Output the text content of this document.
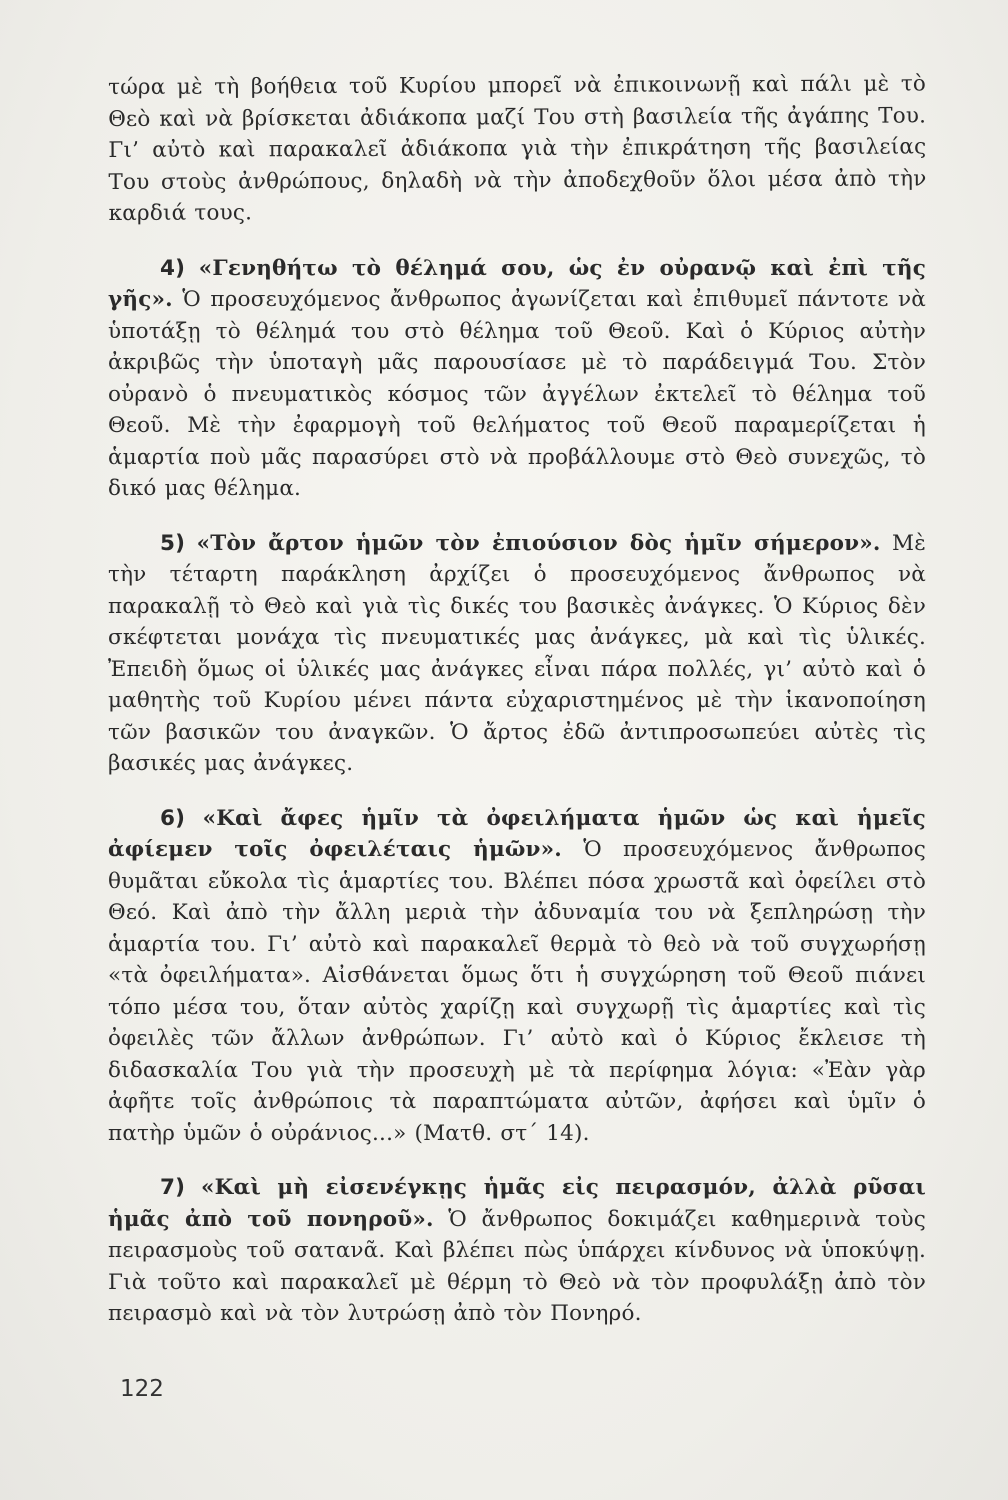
τώρα μὲ τὴ βοήθεια τοῦ Κυρίου μπορεῖ νὰ ἐπικοινωνῇ καὶ πάλι μὲ τὸ Θεὸ καὶ νὰ βρίσκεται ἀδιάκοπα μαζί Του στὴ βασιλεία τῆς ἀγάπης Του. Γι’ αὐτὸ καὶ παρακαλεῖ ἀδιάκοπα γιὰ τὴν ἐπικράτηση τῆς βασιλείας Του στοὺς ἀνθρώπους, δηλαδὴ νὰ τὴν ἀποδεχθοῦν ὅλοι μέσα ἀπὸ τὴν καρδιά τους.

4) «Γενηθήτω τὸ θέλημά σου, ὡς ἐν οὐρανῷ καὶ ἐπὶ τῆς γῆς». Ὁ προσευχόμενος ἄνθρωπος ἀγωνίζεται καὶ ἐπιθυμεῖ πάντοτε νὰ ὑποτάξῃ τὸ θέλημά του στὸ θέλημα τοῦ Θεοῦ. Καὶ ὁ Κύριος αὐτὴν ἀκριβῶς τὴν ὑποταγὴ μᾶς παρουσίασε μὲ τὸ παράδειγμά Του. Στὸν οὐρανὸ ὁ πνευματικὸς κόσμος τῶν ἀγγέλων ἐκτελεῖ τὸ θέλημα τοῦ Θεοῦ. Μὲ τὴν ἐφαρμογὴ τοῦ θελήματος τοῦ Θεοῦ παραμερίζεται ἡ ἁμαρτία ποὺ μᾶς παρασύρει στὸ νὰ προβάλλουμε στὸ Θεὸ συνεχῶς, τὸ δικό μας θέλημα.

5) «Τὸν ἄρτον ἡμῶν τὸν ἐπιούσιον δὸς ἡμῖν σήμερον». Μὲ τὴν τέταρτη παράκληση ἀρχίζει ὁ προσευχόμενος ἄνθρωπος νὰ παρακαλῇ τὸ Θεὸ καὶ γιὰ τὶς δικές του βασικὲς ἀνάγκες. Ὁ Κύριος δὲν σκέφτεται μονάχα τὶς πνευματικές μας ἀνάγκες, μὰ καὶ τὶς ὑλικές. Ἐπειδὴ ὅμως οἱ ὑλικές μας ἀνάγκες εἶναι πάρα πολλές, γι’ αὐτὸ καὶ ὁ μαθητὴς τοῦ Κυρίου μένει πάντα εὐχαριστημένος μὲ τὴν ἱκανοποίηση τῶν βασικῶν του ἀναγκῶν. Ὁ ἄρτος ἐδῶ ἀντιπροσωπεύει αὐτὲς τὶς βασικές μας ἀνάγκες.

6) «Καὶ ἄφες ἡμῖν τὰ ὀφειλήματα ἡμῶν ὡς καὶ ἡμεῖς ἀφίεμεν τοῖς ὀφειλέταις ἡμῶν». Ὁ προσευχόμενος ἄνθρωπος θυμᾶται εὔκολα τὶς ἁμαρτίες του. Βλέπει πόσα χρωστᾶ καὶ ὀφείλει στὸ Θεό. Καὶ ἀπὸ τὴν ἄλλη μεριὰ τὴν ἀδυναμία του νὰ ξεπληρώσῃ τὴν ἁμαρτία του. Γι’ αὐτὸ καὶ παρακαλεῖ θερμὰ τὸ θεὸ νὰ τοῦ συγχωρήσῃ «τὰ ὀφειλήματα». Αἰσθάνεται ὅμως ὅτι ἡ συγχώρηση τοῦ Θεοῦ πιάνει τόπο μέσα του, ὅταν αὐτὸς χαρίζῃ καὶ συγχωρῇ τὶς ἁμαρτίες καὶ τὶς ὀφειλὲς τῶν ἄλλων ἀνθρώπων. Γι’ αὐτὸ καὶ ὁ Κύριος ἔκλεισε τὴ διδασκαλία Του γιὰ τὴν προσευχὴ μὲ τὰ περίφημα λόγια: «Ἐὰν γὰρ ἀφῆτε τοῖς ἀνθρώποις τὰ παραπτώματα αὐτῶν, ἀφήσει καὶ ὑμῖν ὁ πατὴρ ὑμῶν ὁ οὐράνιος...» (Ματθ. στ΄ 14).

7) «Καὶ μὴ εἰσενέγκῃς ἡμᾶς εἰς πειρασμόν, ἀλλὰ ρῦσαι ἡμᾶς ἀπὸ τοῦ πονηροῦ». Ὁ ἄνθρωπος δοκιμάζει καθημερινὰ τοὺς πειρασμοὺς τοῦ σατανᾶ. Καὶ βλέπει πὼς ὑπάρχει κίνδυνος νὰ ὑποκύψῃ. Γιὰ τοῦτο καὶ παρακαλεῖ μὲ θέρμη τὸ Θεὸ νὰ τὸν προφυλάξῃ ἀπὸ τὸν πειρασμὸ καὶ νὰ τὸν λυτρώσῃ ἀπὸ τὸν Πονηρό.

122
